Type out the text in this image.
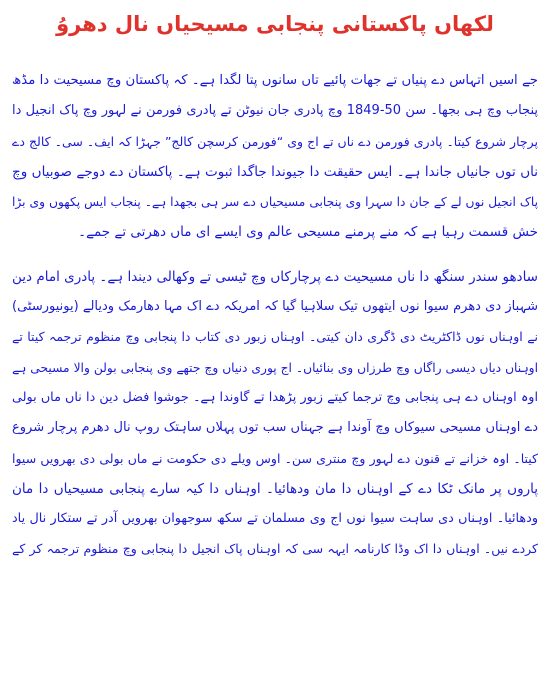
لکھاں پاکستانی پنجابی مسیحیاں نال دھروُ
جے اسیں اتہاس دے پنیاں تے جھات پائیے تاں سانوں پتا لگدا ہے۔ کہ پاکستان وچ مسیحیت دا مڈھ
پنجاب وچ ہی بجھا۔ سن 50-1849 وچ پادری جان نیوٹن تے پادری فورمن نے لہور وچ پاک انجیل دا
پرچار شروع کیتا۔ پادری فورمن دے ناں تے اج وی “فورمن کرسچن کالج” جہڑا کہ ایف۔ سی۔ کالج دے
ناں توں جانیاں جاندا ہے۔ ایس حقیقت دا جیوندا جاگدا ثبوت ہے۔ پاکستان دے دوجے صوبیاں وچ
پاک انجیل نوں لے کے جان دا سہرا وی پنجابی مسیحیاں دے سر ہی بجھدا ہے۔ پنجاب ایس پکھوں وی بڑا
خش قسمت رہیا ہے کہ منے پرمنے مسیحی عالم وی ایسے ای ماں دھرتی تے جمے۔
سادھو سندر سنگھ دا ناں مسیحیت دے پرچارکاں وچ ٹیسی تے وکھالی دیندا ہے۔ پادری امام دین
شہباز دی دھرم سیوا نوں ایتھوں تیک سلاہیا گیا کہ امریکہ دے اک مہا دھارمک ودیالے (یونیورسٹی)
نے اوہناں نوں ڈاکٹریٹ دی ڈگری دان کیتی۔ اوہناں زبور دی کتاب دا پنجابی وچ منظوم ترجمہ کیتا تے
اوہناں دیاں دیسی راگاں وچ طرزاں وی بنائیاں۔ اج پوری دنیاں وچ جتھے وی پنجابی بولن والا مسیحی ہے
اوہ اوہناں دے ہی پنجابی وچ ترجما کیتے زبور پڑھدا تے گاوندا ہے۔ جوشوا فضل دین دا ناں ماں بولی
دے اوہناں مسیحی سیوکاں وچ آوندا ہے جہناں سب توں پہلاں ساہتک روپ نال دھرم پرچار شروع
کیتا۔ اوہ خزانے تے قنون دے لہور وچ منتری سن۔ اوس ویلے دی حکومت نے ماں بولی دی بھرویں سیوا
پاروں پر مانک ٹکا دے کے اوہناں دا مان ودھائیا۔ اوہناں دا کیہ سارے پنجابی مسیحیاں دا مان
ودھائیا۔ اوہناں دی ساہت سیوا نوں اج وی مسلمان تے سکھ سوجھوان بھرویں آدر تے ستکار نال یاد
کردے نیں۔ اوہناں دا اک وڈا کارنامہ ایہہ سی کہ اوہناں پاک انجیل دا پنجابی وچ منظوم ترجمہ کر کے
